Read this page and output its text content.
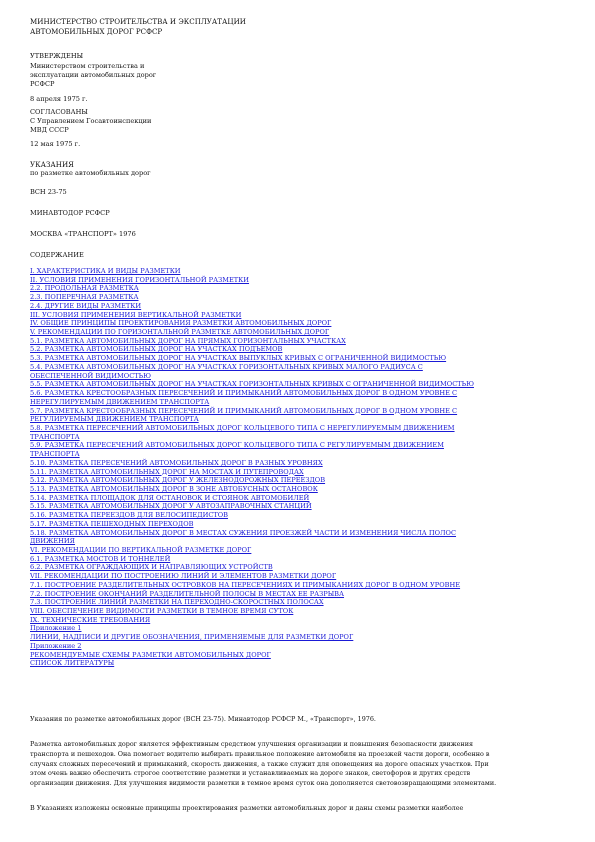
МИНИСТЕРСТВО СТРОИТЕЛЬСТВА И ЭКСПЛУАТАЦИИ
АВТОМОБИЛЬНЫХ ДОРОГ РСФСР
УТВЕРЖДЕНЫ
Министерством строительства и
эксплуатации автомобильных дорог
РСФСР
8 апреля 1975 г.
СОГЛАСОВАНЫ
С Управлением Госавтоинспекции
МВД СССР
12 мая 1975 г.
УКАЗАНИЯ
по разметке автомобильных дорог
ВСН 23-75
МИНАВТОДОР РСФСР
МОСКВА «ТРАНСПОРТ» 1976
СОДЕРЖАНИЕ
I. ХАРАКТЕРИСТИКА И ВИДЫ РАЗМЕТКИ
II. УСЛОВИЯ ПРИМЕНЕНИЯ ГОРИЗОНТАЛЬНОЙ РАЗМЕТКИ
2.2. ПРОДОЛЬНАЯ РАЗМЕТКА
2.3. ПОПЕРЕЧНАЯ РАЗМЕТКА
2.4. ДРУГИЕ ВИДЫ РАЗМЕТКИ
III. УСЛОВИЯ ПРИМЕНЕНИЯ ВЕРТИКАЛЬНОЙ РАЗМЕТКИ
IV. ОБЩИЕ ПРИНЦИПЫ ПРОЕКТИРОВАНИЯ РАЗМЕТКИ АВТОМОБИЛЬНЫХ ДОРОГ
V. РЕКОМЕНДАЦИИ ПО ГОРИЗОНТАЛЬНОЙ РАЗМЕТКЕ АВТОМОБИЛЬНЫХ ДОРОГ
5.1. РАЗМЕТКА АВТОМОБИЛЬНЫХ ДОРОГ НА ПРЯМЫХ ГОРИЗОНТАЛЬНЫХ УЧАСТКАХ
5.2. РАЗМЕТКА АВТОМОБИЛЬНЫХ ДОРОГ НА УЧАСТКАХ ПОДЪЕМОВ
5.3. РАЗМЕТКА АВТОМОБИЛЬНЫХ ДОРОГ НА УЧАСТКАХ ВЫПУКЛЫХ КРИВЫХ С ОГРАНИЧЕННОЙ ВИДИМОСТЬЮ
5.4. РАЗМЕТКА АВТОМОБИЛЬНЫХ ДОРОГ НА УЧАСТКАХ ГОРИЗОНТАЛЬНЫХ КРИВЫХ МАЛОГО РАДИУСА С
ОБЕСПЕЧЕННОЙ ВИДИМОСТЬЮ
5.5. РАЗМЕТКА АВТОМОБИЛЬНЫХ ДОРОГ НА УЧАСТКАХ ГОРИЗОНТАЛЬНЫХ КРИВЫХ С ОГРАНИЧЕННОЙ ВИДИМОСТЬЮ
5.6. РАЗМЕТКА КРЕСТООБРАЗНЫХ ПЕРЕСЕЧЕНИЙ И ПРИМЫКАНИЙ АВТОМОБИЛЬНЫХ ДОРОГ В ОДНОМ УРОВНЕ С
НЕРЕГУЛИРУЕМЫМ ДВИЖЕНИЕМ ТРАНСПОРТА
5.7. РАЗМЕТКА КРЕСТООБРАЗНЫХ ПЕРЕСЕЧЕНИЙ И ПРИМЫКАНИЙ АВТОМОБИЛЬНЫХ ДОРОГ В ОДНОМ УРОВНЕ С
РЕГУЛИРУЕМЫМ ДВИЖЕНИЕМ ТРАНСПОРТА
5.8. РАЗМЕТКА ПЕРЕСЕЧЕНИЙ АВТОМОБИЛЬНЫХ ДОРОГ КОЛЬЦЕВОГО ТИПА С НЕРЕГУЛИРУЕМЫМ ДВИЖЕНИЕМ
ТРАНСПОРТА
5.9. РАЗМЕТКА ПЕРЕСЕЧЕНИЙ АВТОМОБИЛЬНЫХ ДОРОГ КОЛЬЦЕВОГО ТИПА С РЕГУЛИРУЕМЫМ ДВИЖЕНИЕМ
ТРАНСПОРТА
5.10. РАЗМЕТКА ПЕРЕСЕЧЕНИЙ АВТОМОБИЛЬНЫХ ДОРОГ В РАЗНЫХ УРОВНЯХ
5.11. РАЗМЕТКА АВТОМОБИЛЬНЫХ ДОРОГ НА МОСТАХ И ПУТЕПРОВОДАХ
5.12. РАЗМЕТКА АВТОМОБИЛЬНЫХ ДОРОГ У ЖЕЛЕЗНОДОРОЖНЫХ ПЕРЕЕЗДОВ
5.13. РАЗМЕТКА АВТОМОБИЛЬНЫХ ДОРОГ В ЗОНЕ АВТОБУСНЫХ ОСТАНОВОК
5.14. РАЗМЕТКА ПЛОЩАДОК ДЛЯ ОСТАНОВОК И СТОЯНОК АВТОМОБИЛЕЙ
5.15. РАЗМЕТКА АВТОМОБИЛЬНЫХ ДОРОГ У АВТОЗАПРАВОЧНЫХ СТАНЦИЙ
5.16. РАЗМЕТКА ПЕРЕЕЗДОВ ДЛЯ ВЕЛОСИПЕДИСТОВ
5.17. РАЗМЕТКА ПЕШЕХОДНЫХ ПЕРЕХОДОВ
5.18. РАЗМЕТКА АВТОМОБИЛЬНЫХ ДОРОГ В МЕСТАХ СУЖЕНИЯ ПРОЕЗЖЕЙ ЧАСТИ И ИЗМЕНЕНИЯ ЧИСЛА ПОЛОС
ДВИЖЕНИЯ
VI. РЕКОМЕНДАЦИИ ПО ВЕРТИКАЛЬНОЙ РАЗМЕТКЕ ДОРОГ
6.1. РАЗМЕТКА МОСТОВ И ТОННЕЛЕЙ
6.2. РАЗМЕТКА ОГРАЖДАЮЩИХ И НАПРАВЛЯЮЩИХ УСТРОЙСТВ
VII. РЕКОМЕНДАЦИИ ПО ПОСТРОЕНИЮ ЛИНИЙ И ЭЛЕМЕНТОВ РАЗМЕТКИ ДОРОГ
7.1. ПОСТРОЕНИЕ РАЗДЕЛИТЕЛЬНЫХ ОСТРОВКОВ НА ПЕРЕСЕЧЕНИЯХ И ПРИМЫКАНИЯХ ДОРОГ В ОДНОМ УРОВНЕ
7.2. ПОСТРОЕНИЕ ОКОНЧАНИЙ РАЗДЕЛИТЕЛЬНОЙ ПОЛОСЫ В МЕСТАХ ЕЕ РАЗРЫВА
7.3. ПОСТРОЕНИЕ ЛИНИЙ РАЗМЕТКИ НА ПЕРЕХОДНО-СКОРОСТНЫХ ПОЛОСАХ
VIII. ОБЕСПЕЧЕНИЕ ВИДИМОСТИ РАЗМЕТКИ В ТЕМНОЕ ВРЕМЯ СУТОК
IX. ТЕХНИЧЕСКИЕ ТРЕБОВАНИЯ
Приложение 1
ЛИНИИ, НАДПИСИ И ДРУГИЕ ОБОЗНАЧЕНИЯ, ПРИМЕНЯЕМЫЕ ДЛЯ РАЗМЕТКИ ДОРОГ
Приложение 2
РЕКОМЕНДУЕМЫЕ СХЕМЫ РАЗМЕТКИ АВТОМОБИЛЬНЫХ ДОРОГ
СПИСОК ЛИТЕРАТУРЫ
Указания по разметке автомобильных дорог (ВСН 23-75). Минавтодор РСФСР М., «Транспорт», 1976.
Разметка автомобильных дорог является эффективным средством улучшения организации и повышения безопасности движения
транспорта и пешеходов. Она помогает водителю выбирать правильное положение автомобиля на проезжей части дороги, особенно в
случаях сложных пересечений и примыканий, скорость движения, а также служит для оповещения на дороге опасных участков. При
этом очень важно обеспечить строгое соответствие разметки и устанавливаемых на дороге знаков, светофоров и других средств
организации движения. Для улучшения видимости разметки в темное время суток она дополняется световозвращающими элементами.
В Указаниях изложены основные принципы проектирования разметки автомобильных дорог и даны схемы разметки наиболее
